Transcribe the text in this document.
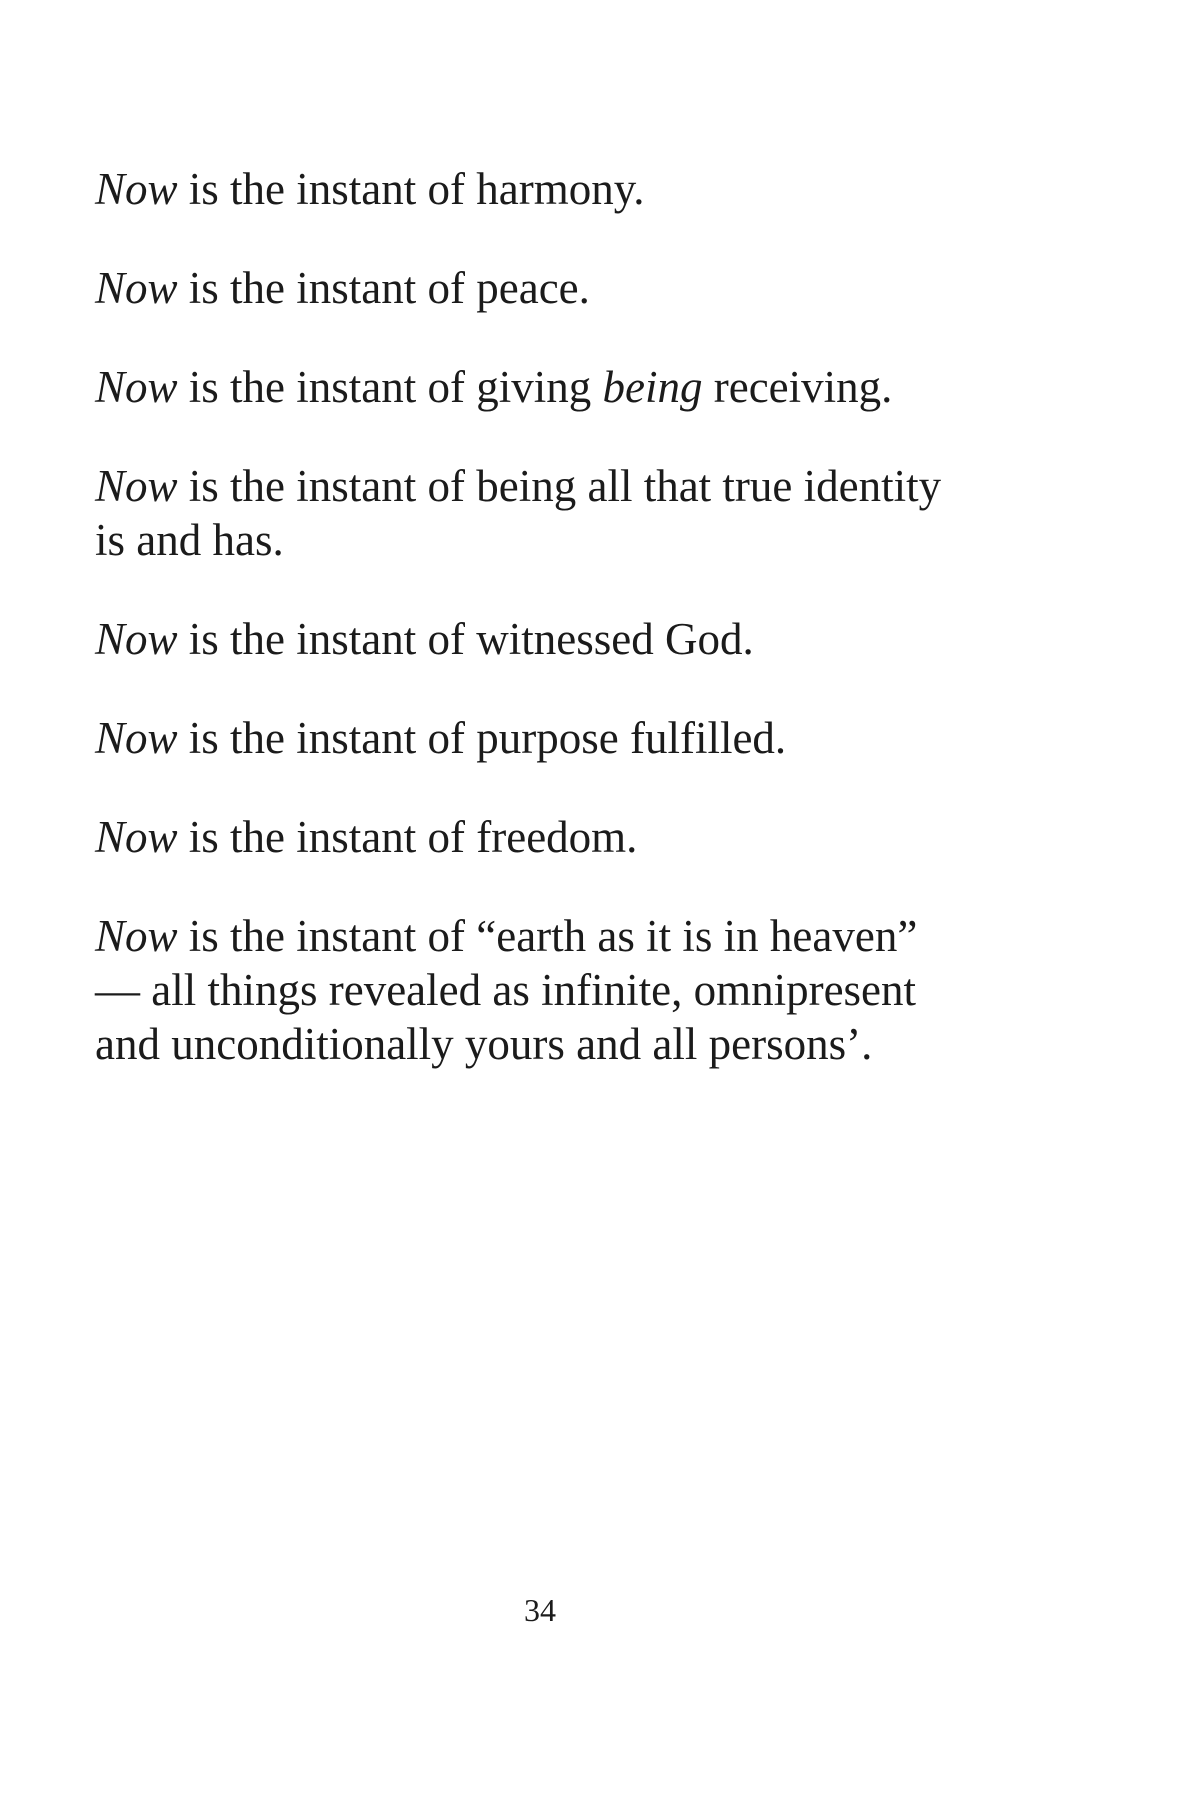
Now is the instant of harmony.

Now is the instant of peace.

Now is the instant of giving being receiving.

Now is the instant of being all that true identity
is and has.

Now is the instant of witnessed God.

Now is the instant of purpose fulfilled.

Now is the instant of freedom.

Now is the instant of “earth as it is in heaven”
— all things revealed as infinite, omnipresent
and unconditionally yours and all persons’.

34
